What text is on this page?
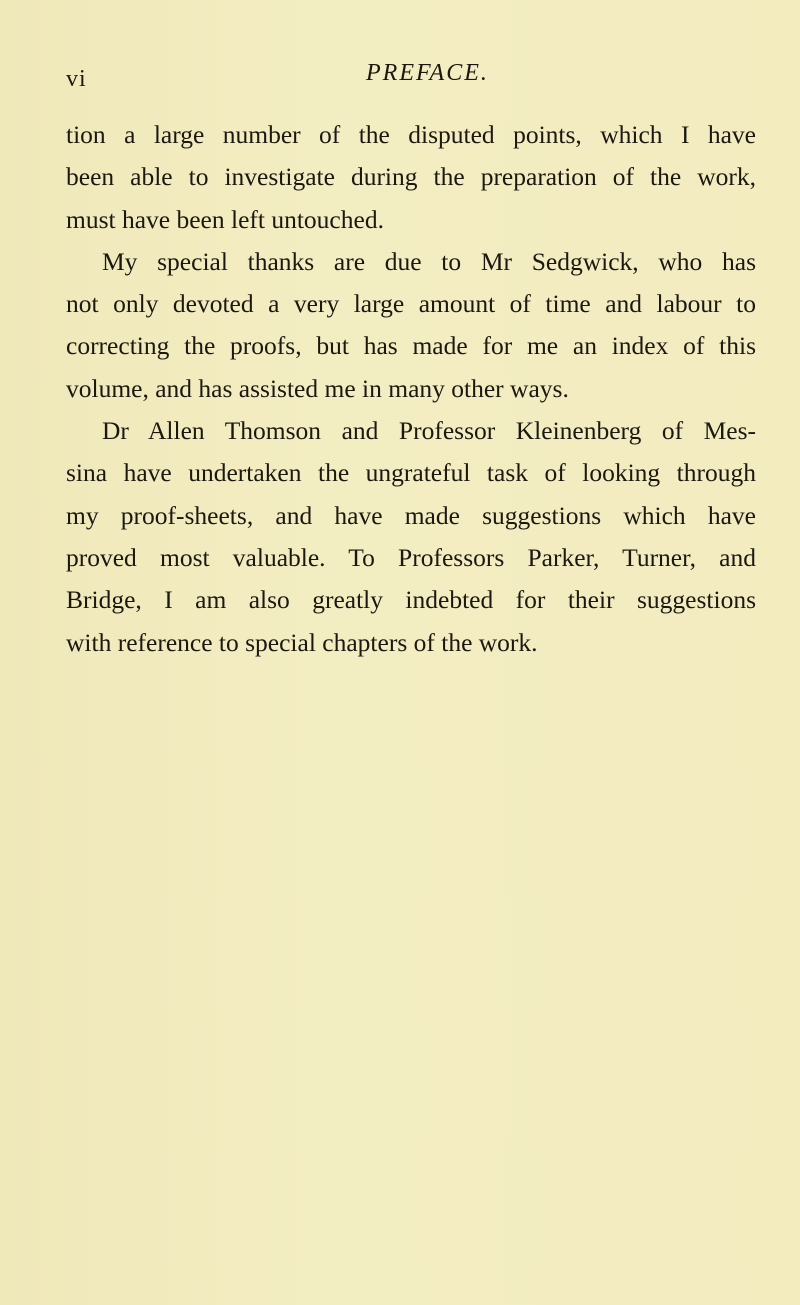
vi	PREFACE.
tion a large number of the disputed points, which I have
been able to investigate during the preparation of the work,
must have been left untouched.
My special thanks are due to Mr Sedgwick, who has
not only devoted a very large amount of time and labour to
correcting the proofs, but has made for me an index of this
volume, and has assisted me in many other ways.
Dr Allen Thomson and Professor Kleinenberg of Mes-
sina have undertaken the ungrateful task of looking through
my proof-sheets, and have made suggestions which have
proved most valuable. To Professors Parker, Turner, and
Bridge, I am also greatly indebted for their suggestions
with reference to special chapters of the work.
